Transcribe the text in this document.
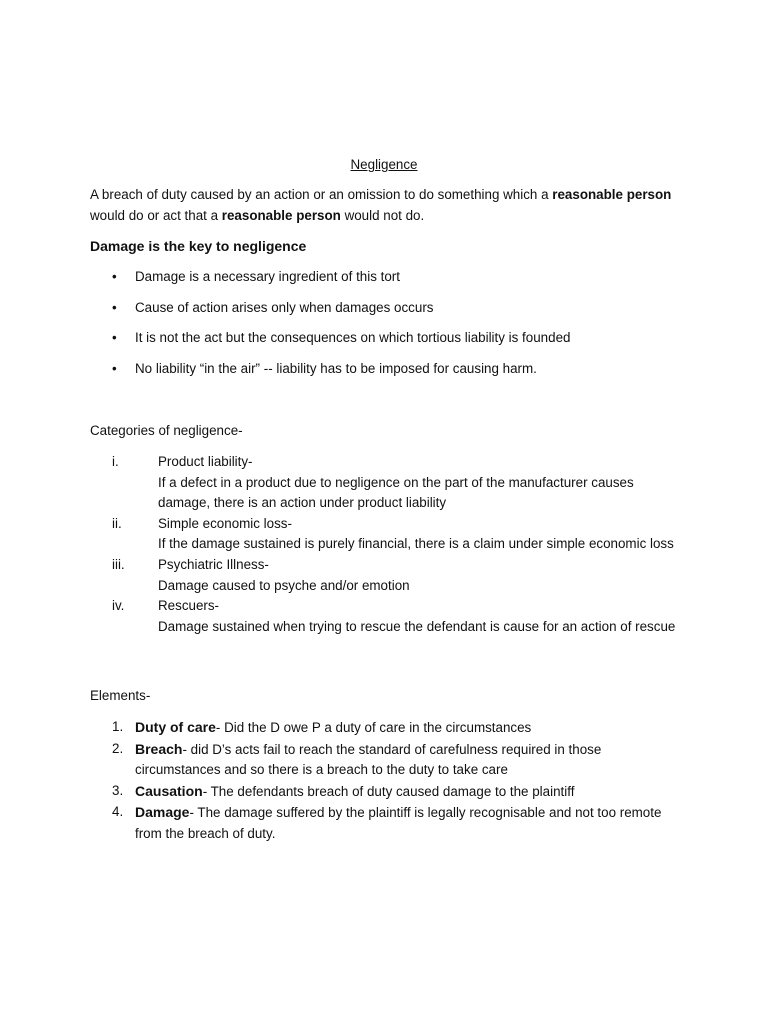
Negligence

A breach of duty caused by an action or an omission to do something which a reasonable person would do or act that a reasonable person would not do.

Damage is the key to negligence
• Damage is a necessary ingredient of this tort
• Cause of action arises only when damages occurs
• It is not the act but the consequences on which tortious liability is founded
• No liability “in the air” -- liability has to be imposed for causing harm.

Categories of negligence-

i.	Product liability-
If a defect in a product due to negligence on the part of the manufacturer causes damage, there is an action under product liability
ii.	Simple economic loss-
If the damage sustained is purely financial, there is a claim under simple economic loss
iii. Psychiatric Illness-
Damage caused to psyche and/or emotion
iv.	Rescuers-
Damage sustained when trying to rescue the defendant is cause for an action of rescue

Elements-

1. Duty of care- Did the D owe P a duty of care in the circumstances
2. Breach- did D’s acts fail to reach the standard of carefulness required in those circumstances and so there is a breach to the duty to take care
3. Causation- The defendants breach of duty caused damage to the plaintiff
4. Damage- The damage suffered by the plaintiff is legally recognisable and not too remote from the breach of duty.
